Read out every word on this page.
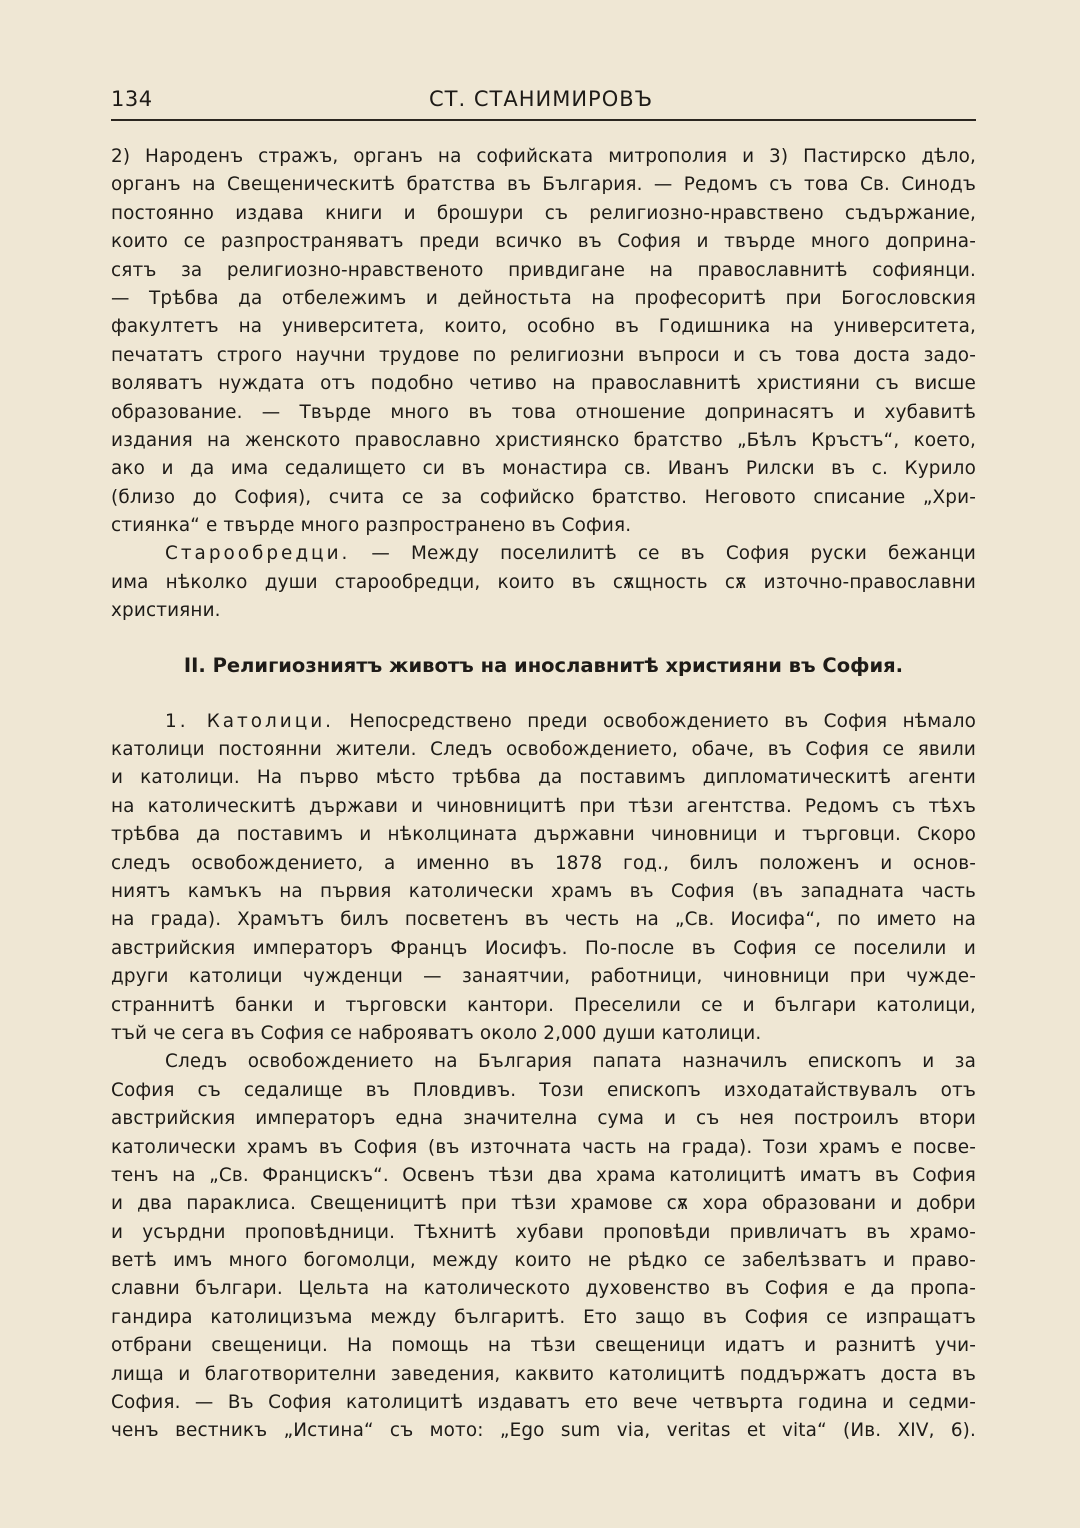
134	СТ. СТАНИМИРОВЪ
2) Народенъ стражъ, органъ на софийската митрополия и 3) Пастирско дѣло,
органъ на Свещеническитѣ братства въ България. — Редомъ съ това Св. Синодъ
постоянно издава книги и брошури съ религиозно-нравствено съдържание,
които се разпространяватъ преди всичко въ София и твърде много доприна-
сятъ за религиозно-нравственото привдигане на православнитѣ софиянци.
— Трѣбва да отбележимъ и дейностьта на професоритѣ при Богословския
факултетъ на университета, които, особно въ Годишника на университета,
печататъ строго научни трудове по религиозни въпроси и съ това доста задо-
воляватъ нуждата отъ подобно четиво на православнитѣ християни съ висше
образование. — Твърде много въ това отношение допринасятъ и хубавитѣ
издания на женското православно християнско братство „Бѣлъ Кръстъ“, което,
ако и да има седалището си въ монастира св. Иванъ Рилски въ с. Курило
(близо до София), счита се за софийско братство. Неговото списание „Хри-
стиянка“ е твърде много разпространено въ София.
Старообредци. — Между поселилитѣ се въ София руски бежанци
има нѣколко души старообредци, които въ сѫщность сѫ източно-православни
християни.
II. Религиозниятъ животъ на инославнитѣ християни въ София.
1. Католици. Непосредствено преди освобождението въ София нѣмало
католици постоянни жители. Следъ освобождението, обаче, въ София се явили
и католици. На първо мѣсто трѣбва да поставимъ дипломатическитѣ агенти
на католическитѣ държави и чиновницитѣ при тѣзи агентства. Редомъ съ тѣхъ
трѣбва да поставимъ и нѣколцината държавни чиновници и търговци. Скоро
следъ освобождението, а именно въ 1878 год., билъ положенъ и основ-
ниятъ камъкъ на първия католически храмъ въ София (въ западната часть
на града). Храмътъ билъ посветенъ въ честь на „Св. Иосифа“, по името на
австрийския императоръ Францъ Иосифъ. По-после въ София се поселили и
други католици чужденци — занаятчии, работници, чиновници при чужде-
страннитѣ банки и търговски кантори. Преселили се и българи католици,
тъй че сега въ София се наброяватъ около 2,000 души католици.
Следъ освобождението на България папата назначилъ епископъ и за
София съ седалище въ Пловдивъ. Този епископъ изходатайствувалъ отъ
австрийския императоръ една значителна сума и съ нея построилъ втори
католически храмъ въ София (въ източната часть на града). Този храмъ е посве-
тенъ на „Св. Францискъ“. Освенъ тѣзи два храма католицитѣ иматъ въ София
и два параклиса. Свещеницитѣ при тѣзи храмове сѫ хора образовани и добри
и усърдни проповѣдници. Тѣхнитѣ хубави проповѣди привличатъ въ храмо-
ветѣ имъ много богомолци, между които не рѣдко се забелѣзватъ и право-
славни българи. Цельта на католическото духовенство въ София е да пропа-
гандира католицизъма между българитѣ. Ето защо въ София се изпращатъ
отбрани свещеници. На помощь на тѣзи свещеници идатъ и разнитѣ учи-
лища и благотворителни заведения, каквито католицитѣ поддържатъ доста въ
София. — Въ София католицитѣ издаватъ ето вече четвърта година и седми-
ченъ вестникъ „Истина“ съ мото: „Ego sum via, veritas et vita“ (Ив. XIV, 6).
